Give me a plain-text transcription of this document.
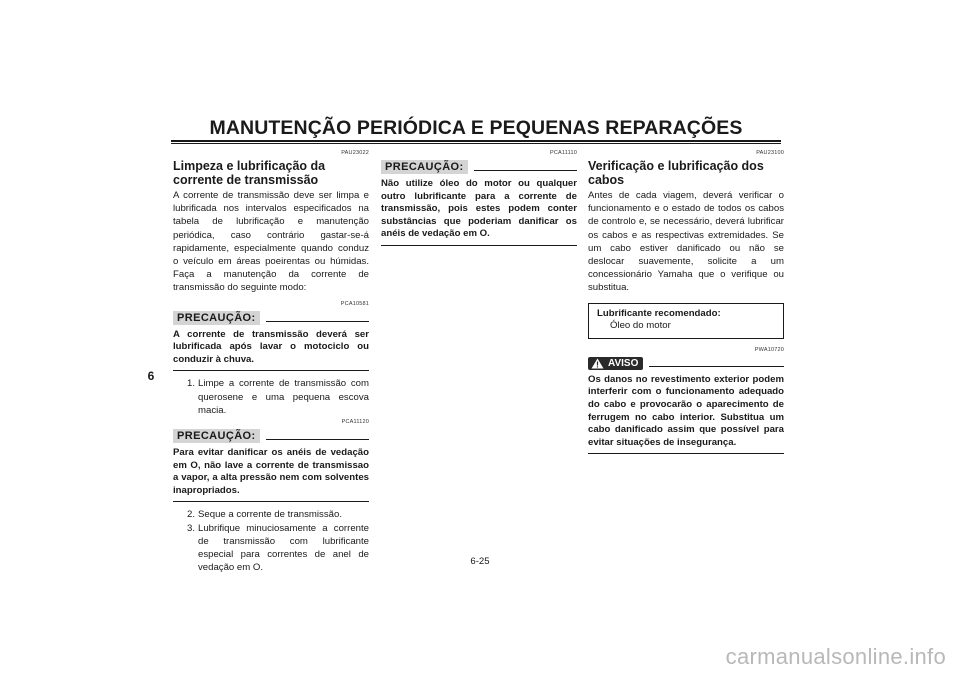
MANUTENÇÃO PERIÓDICA E PEQUENAS REPARAÇÕES
6
PAU23022
Limpeza e lubrificação da corrente de transmissão

A corrente de transmissão deve ser limpa e lubrificada nos intervalos especificados na tabela de lubrificação e manutenção periódica, caso contrário gastar-se-á rapidamente, especialmente quando conduz o veículo em áreas poeirentas ou húmidas. Faça a manutenção da corrente de transmissão do seguinte modo:

PCA10581
PRECAUÇÃO:
A corrente de transmissão deverá ser lubrificada após lavar o motociclo ou conduzir à chuva.
1. Limpe a corrente de transmissão com querosene e uma pequena escova macia.
PCA11120
PRECAUÇÃO:
Para evitar danificar os anéis de vedação em O, não lave a corrente de transmissao a vapor, a alta pressão nem com solventes inapropriados.
2. Seque a corrente de transmissão.
3. Lubrifique minuciosamente a corrente de transmissão com lubrificante especial para correntes de anel de vedação em O.
PCA11110
PRECAUÇÃO:
Não utilize óleo do motor ou qualquer outro lubrificante para a corrente de transmissão, pois estes podem conter substâncias que poderiam danificar os anéis de vedação em O.
PAU23100
Verificação e lubrificação dos cabos

Antes de cada viagem, deverá verificar o funcionamento e o estado de todos os cabos de controlo e, se necessário, deverá lubrificar os cabos e as respectivas extremidades. Se um cabo estiver danificado ou não se deslocar suavemente, solicite a um concessionário Yamaha que o verifique ou substitua.

Lubrificante recomendado:
Óleo do motor
PWA10720
AVISO
Os danos no revestimento exterior podem interferir com o funcionamento adequado do cabo e provocarão o aparecimento de ferrugem no cabo interior. Substitua um cabo danificado assim que possível para evitar situações de insegurança.
6-25
carmanualsonline.info
